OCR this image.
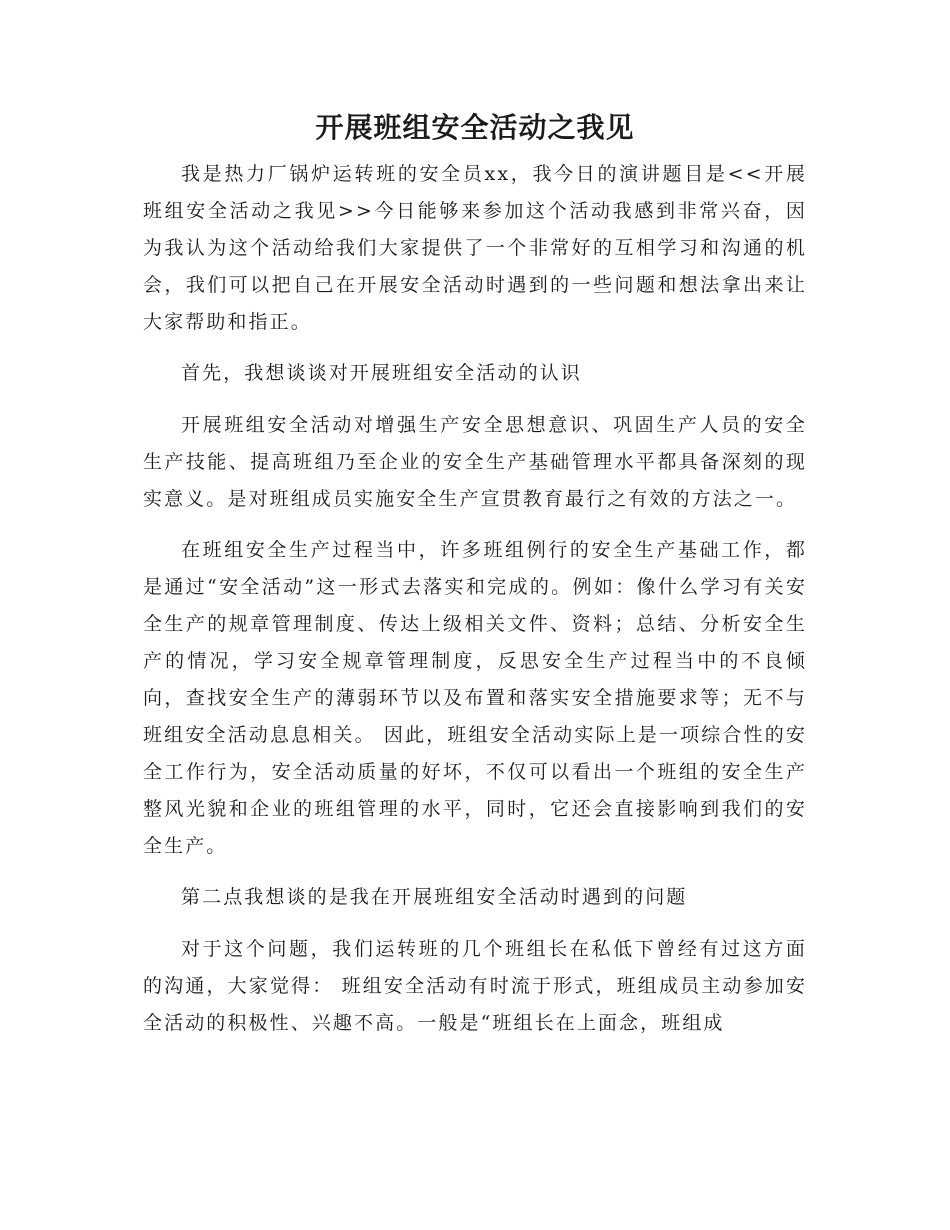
开展班组安全活动之我见

我是热力厂锅炉运转班的安全员xx，我今日的演讲题目是<<开展班组安全活动之我见>>今日能够来参加这个活动我感到非常兴奋，因为我认为这个活动给我们大家提供了一个非常好的互相学习和沟通的机会，我们可以把自己在开展安全活动时遇到的一些问题和想法拿出来让大家帮助和指正。

首先，我想谈谈对开展班组安全活动的认识

开展班组安全活动对增强生产安全思想意识、巩固生产人员的安全生产技能、提高班组乃至企业的安全生产基础管理水平都具备深刻的现实意义。是对班组成员实施安全生产宣贯教育最行之有效的方法之一。

在班组安全生产过程当中，许多班组例行的安全生产基础工作，都是通过“安全活动”这一形式去落实和完成的。例如：像什么学习有关安全生产的规章管理制度、传达上级相关文件、资料；总结、分析安全生产的情况，学习安全规章管理制度，反思安全生产过程当中的不良倾向，查找安全生产的薄弱环节以及布置和落实安全措施要求等；无不与班组安全活动息息相关。 因此，班组安全活动实际上是一项综合性的安全工作行为，安全活动质量的好坏，不仅可以看出一个班组的安全生产整风光貌和企业的班组管理的水平，同时，它还会直接影响到我们的安全生产。

第二点我想谈的是我在开展班组安全活动时遇到的问题

对于这个问题，我们运转班的几个班组长在私低下曾经有过这方面的沟通，大家觉得： 班组安全活动有时流于形式，班组成员主动参加安全活动的积极性、兴趣不高。一般是“班组长在上面念，班组成
